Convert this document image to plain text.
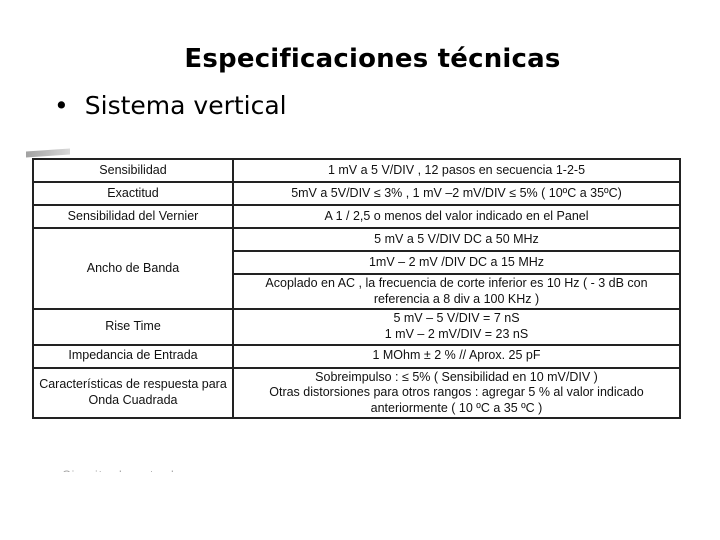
Especificaciones técnicas
• Sistema vertical
Sensibilidad	1 mV a 5 V/DIV , 12 pasos en secuencia 1-2-5
Exactitud	5mV a 5V/DIV ≤ 3% , 1 mV –2 mV/DIV ≤ 5% ( 10ºC a 35ºC)
Sensibilidad del Vernier	A 1 / 2,5 o menos del valor indicado en el Panel
Ancho de Banda	5 mV a 5 V/DIV DC a 50 MHz
	1mV – 2 mV /DIV DC a 15 MHz
	Acoplado en AC , la frecuencia de corte inferior es 10 Hz ( - 3 dB con referencia a 8 div a 100 KHz )
Rise Time	5 mV – 5 V/DIV = 7 nS
1 mV – 2 mV/DIV = 23 nS
Impedancia de Entrada	1 MOhm ± 2 % // Aprox. 25 pF
Características de respuesta para Onda Cuadrada	Sobreimpulso : ≤ 5% ( Sensibilidad en 10 mV/DIV )
Otras distorsiones para otros rangos : agregar 5 % al valor indicado anteriormente ( 10 ºC a 35 ºC )
